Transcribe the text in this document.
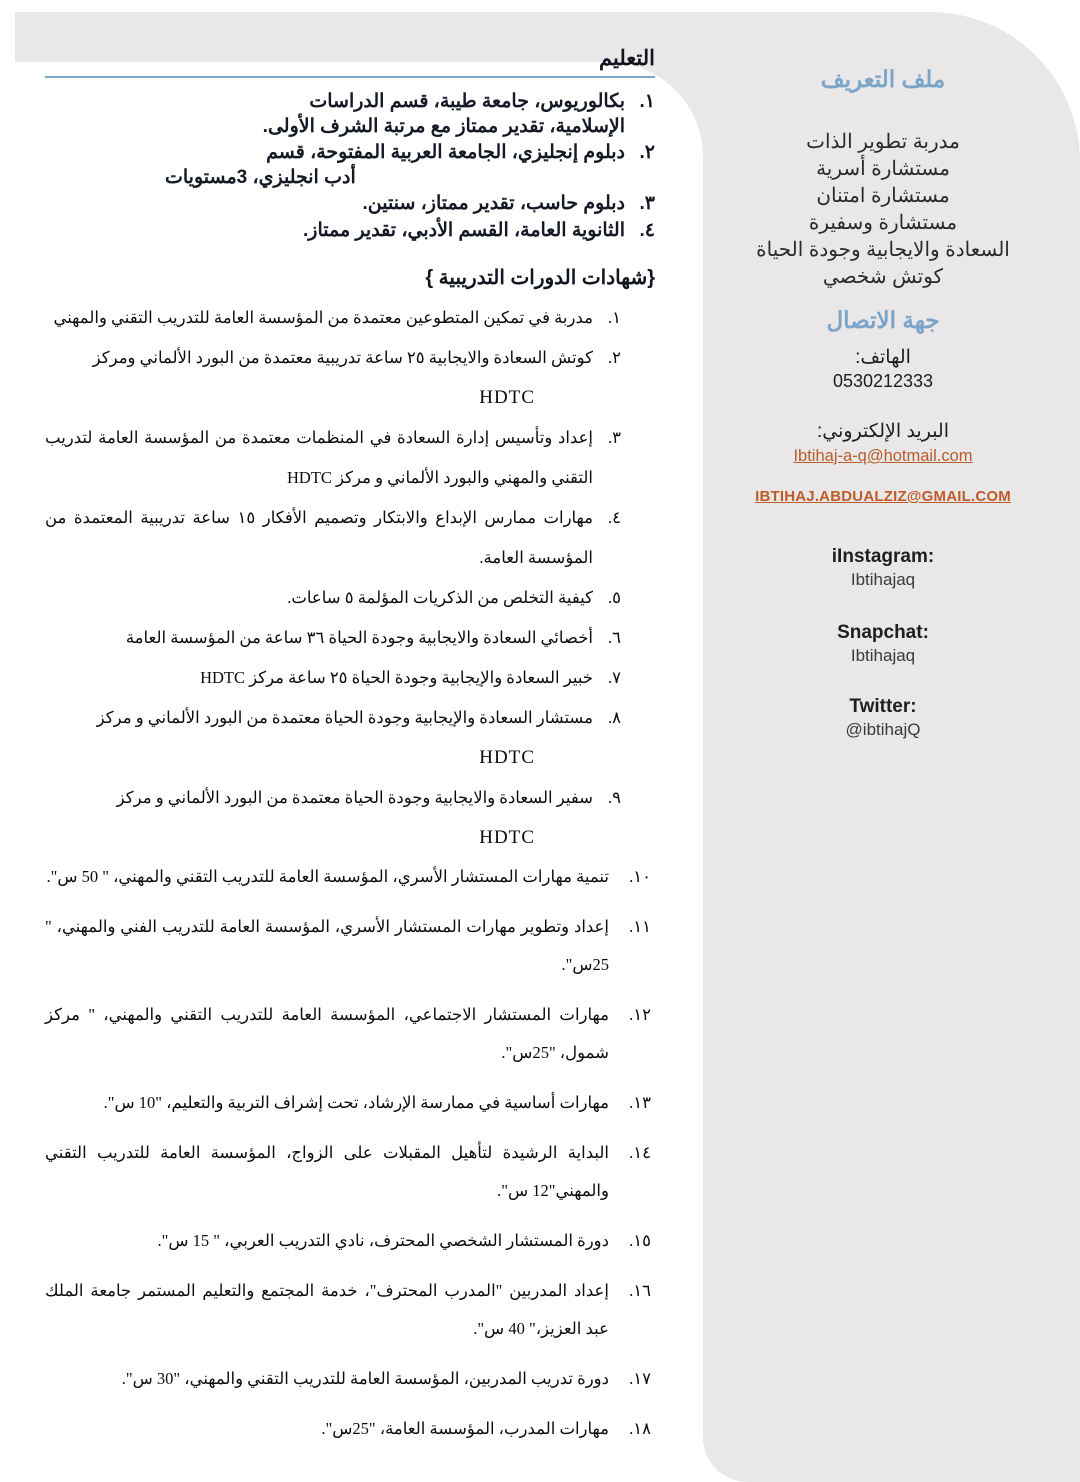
ملف التعريف
مدربة تطوير الذات
مستشارة أسرية
مستشارة امتنان
مستشارة وسفيرة
السعادة والايجابية وجودة الحياة
كوتش شخصي
جهة الاتصال
الهاتف:
0530212333
البريد الإلكتروني:
Ibtihaj-a-q@hotmail.com
IBTIHAJ.ABDUALZIZ@GMAIL.COM
iInstagram:
Ibtihajaq
Snapchat:
Ibtihajaq
Twitter:
@ibtihajQ
التعليم
١.
بكالوريوس، جامعة طيبة، قسم الدراسات
الإسلامية، تقدير ممتاز مع مرتبة الشرف الأولى.
٢.
دبلوم إنجليزي، الجامعة العربية المفتوحة، قسم
أدب انجليزي، 3مستويات
٣.
دبلوم حاسب، تقدير ممتاز، سنتين.
٤.
الثانوية العامة، القسم الأدبي، تقدير ممتاز.
{شهادات الدورات التدريبية }
١.
مدربة في تمكين المتطوعين معتمدة من المؤسسة العامة للتدريب التقني والمهني
٢.
كوتش السعادة والايجابية ٢٥ ساعة تدريبية معتمدة من البورد الألماني ومركز
HDTC
٣.
إعداد وتأسيس إدارة السعادة في المنظمات معتمدة من المؤسسة العامة لتدريب التقني والمهني والبورد الألماني و مركز HDTC
٤.
مهارات ممارس الإبداع والابتكار وتصميم الأفكار ١٥ ساعة تدريبية المعتمدة من المؤسسة العامة.
٥.
كيفية التخلص من الذكريات المؤلمة ٥ ساعات.
٦.
أخصائي السعادة والايجابية وجودة الحياة ٣٦ ساعة من المؤسسة العامة
٧.
خبير السعادة والإيجابية وجودة الحياة ٢٥ ساعة مركز HDTC
٨.
مستشار السعادة والإيجابية وجودة الحياة معتمدة من البورد الألماني و مركز
HDTC
٩.
سفير السعادة والايجابية وجودة الحياة معتمدة من البورد الألماني و مركز
HDTC
١٠.
تنمية مهارات المستشار الأسري، المؤسسة العامة للتدريب التقني والمهني، " 50 س".
١١.
إعداد وتطوير مهارات المستشار الأسري، المؤسسة العامة للتدريب الفني والمهني، " 25س".
١٢.
مهارات المستشار الاجتماعي، المؤسسة العامة للتدريب التقني والمهني، " مركز شمول، "25س".
١٣.
مهارات أساسية في ممارسة الإرشاد، تحت إشراف التربية والتعليم، "10 س".
١٤.
البداية الرشيدة لتأهيل المقبلات على الزواج، المؤسسة العامة للتدريب التقني والمهني"12 س".
١٥.
دورة المستشار الشخصي المحترف، نادي التدريب العربي، " 15 س".
١٦.
إعداد المدربين "المدرب المحترف"، خدمة المجتمع والتعليم المستمر جامعة الملك عبد العزيز،" 40 س".
١٧.
دورة تدريب المدربين، المؤسسة العامة للتدريب التقني والمهني، "30 س".
١٨.
مهارات المدرب، المؤسسة العامة، "25س".
